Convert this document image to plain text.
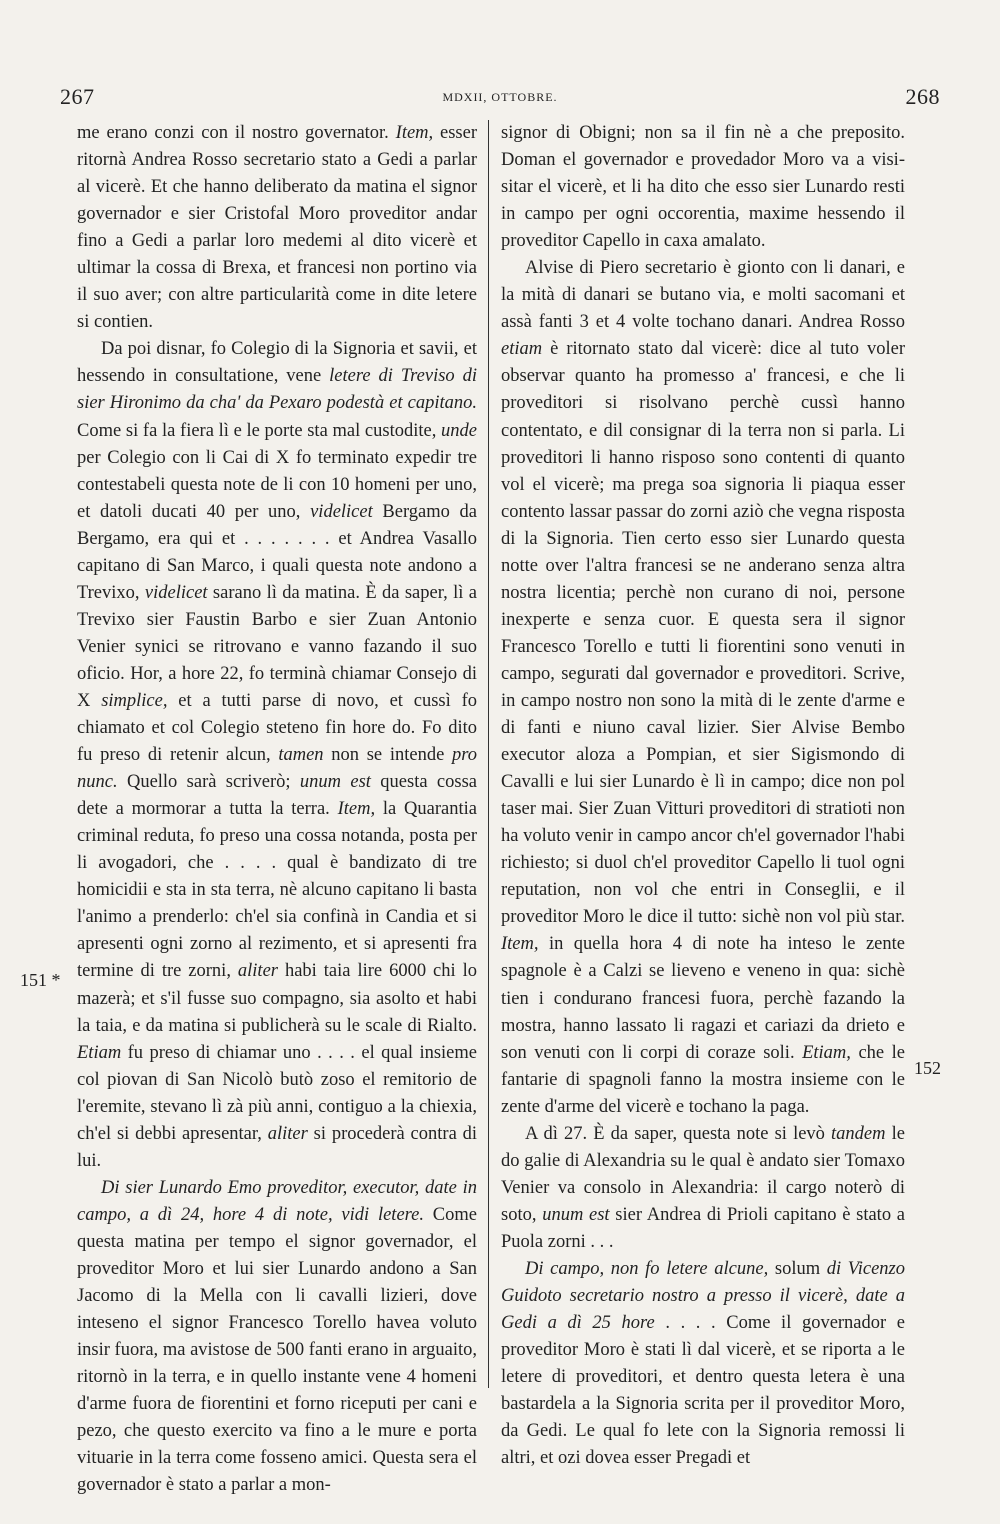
267	MDXII, OTTOBRE.	268

me erano conzi con il nostro governator. Item, esser ritornà Andrea Rosso secretario stato a Gedi a parlar al vicerè. Et che hanno deliberato da matina el signor governador e sier Cristofal Moro proveditor andar fino a Gedi a parlar loro medemi al dito vicerè et ultimar la cossa di Brexa, et francesi non portino via il suo aver; con altre particularità come in dite letere si contien.

Da poi disnar, fo Colegio di la Signoria et savii, et hessendo in consultatione, vene letere di Treviso di sier Hironimo da cha' da Pexaro podestà et capitano. Come si fa la fiera lì e le porte sta mal custodite, unde per Colegio con li Cai di X fo terminato expedir tre contestabeli questa note de li con 10 homeni per uno, et datoli ducati 40 per uno, videlicet Bergamo da Bergamo, era qui et . . . . . . . et Andrea Vasallo capitano di San Marco, i quali questa note andono a Trevixo, videlicet sarano lì da matina. È da saper, lì a Trevixo sier Faustin Barbo e sier Zuan Antonio Venier synici se ritrovano e vanno fazando il suo oficio. Hor, a hore 22, fo terminà chiamar Consejo di X simplice, et a tutti parse di novo, et cussì fo chiamato et col Colegio steteno fin hore do. Fo dito fu preso di retenir alcun, tamen non se intende pro nunc. Quello sarà scriverò; unum est questa cossa dete a mormorar a tutta la terra. Item, la Quarantia criminal reduta, fo preso una cossa notanda, posta per li avogadori, che . . . . qual è bandizato di tre homicidii e sta in sta terra, nè alcuno capitano li basta l'animo a prenderlo: ch'el sia confinà in Candia et si apresenti ogni zorno al rezimento, et si apresenti fra termine di tre zorni, aliter habi taia lire 6000 chi lo mazerà; et s'il fusse suo compagno, sia asolto et habi la taia, e da matina si publicherà su le scale di Rialto. Etiam fu preso di chiamar uno . . . . el qual insieme col piovan di San Nicolò butò zoso el remitorio de l'eremite, stevano lì zà più anni, contiguo a la chiexia, ch'el si debbi apresentar, aliter si procederà contra di lui.

Di sier Lunardo Emo proveditor, executor, date in campo, a dì 24, hore 4 di note, vidi letere. Come questa matina per tempo el signor governador, el proveditor Moro et lui sier Lunardo andono a San Jacomo di la Mella con li cavalli lizieri, dove inteseno el signor Francesco Torello havea voluto insir fuora, ma avistose de 500 fanti erano in arguaito, ritornò in la terra, e in quello instante vene 4 homeni d'arme fuora de fiorentini et forno riceputi per cani e pezo, che questo exercito va fino a le mure e porta vituarie in la terra come fosseno amici. Questa sera el governador è stato a parlar a mon-

signor di Obigni; non sa il fin nè a che preposito. Doman el governador e provedador Moro va a visisitar el vicerè, et li ha dito che esso sier Lunardo resti in campo per ogni occorentia, maxime hessendo il proveditor Capello in caxa amalato.

Alvise di Piero secretario è gionto con li danari, e la mità di danari se butano via, e molti sacomani et assà fanti 3 et 4 volte tochano danari. Andrea Rosso etiam è ritornato stato dal vicerè: dice al tuto voler observar quanto ha promesso a' francesi, e che li proveditori si risolvano perchè cussì hanno contentato, e dil consignar di la terra non si parla. Li proveditori li hanno risposo sono contenti di quanto vol el vicerè; ma prega soa signoria li piaqua esser contento lassar passar do zorni aziò che vegna risposta di la Signoria. Tien certo esso sier Lunardo questa notte over l'altra francesi se ne anderano senza altra nostra licentia; perchè non curano di noi, persone inexperte e senza cuor. E questa sera il signor Francesco Torello e tutti li fiorentini sono venuti in campo, segurati dal governador e proveditori. Scrive, in campo nostro non sono la mità di le zente d'arme e di fanti e niuno caval lizier. Sier Alvise Bembo executor aloza a Pompian, et sier Sigismondo di Cavalli e lui sier Lunardo è lì in campo; dice non pol taser mai. Sier Zuan Vitturi proveditori di stratioti non ha voluto venir in campo ancor ch'el governador l'habi richiesto; si duol ch'el proveditor Capello li tuol ogni reputation, non vol che entri in Conseglii, e il proveditor Moro le dice il tutto: sichè non vol più star. Item, in quella hora 4 di note ha inteso le zente spagnole è a Calzi se lieveno e veneno in qua: sichè tien i condurano francesi fuora, perchè fazando la mostra, hanno lassato li ragazi et cariazi da drieto e son venuti con li corpi di coraze soli. Etiam, che le fantarie di spagnoli fanno la mostra insieme con le zente d'arme del vicerè e tochano la paga.

A dì 27. È da saper, questa note si levò tandem le do galie di Alexandria su le qual è andato sier Tomaxo Venier va consolo in Alexandria: il cargo noterò di soto, unum est sier Andrea di Prioli capitano è stato a Puola zorni . . .

Di campo, non fo letere alcune, solum di Vicenzo Guidoto secretario nostro a presso il vicerè, date a Gedi a dì 25 hore . . . . Come il governador e proveditor Moro è stati lì dal vicerè, et se riporta a le letere di proveditori, et dentro questa letera è una bastardela a la Signoria scrita per il proveditor Moro, da Gedi. Le qual fo lete con la Signoria remossi li altri, et ozi dovea esser Pregadi et

151 *
152
